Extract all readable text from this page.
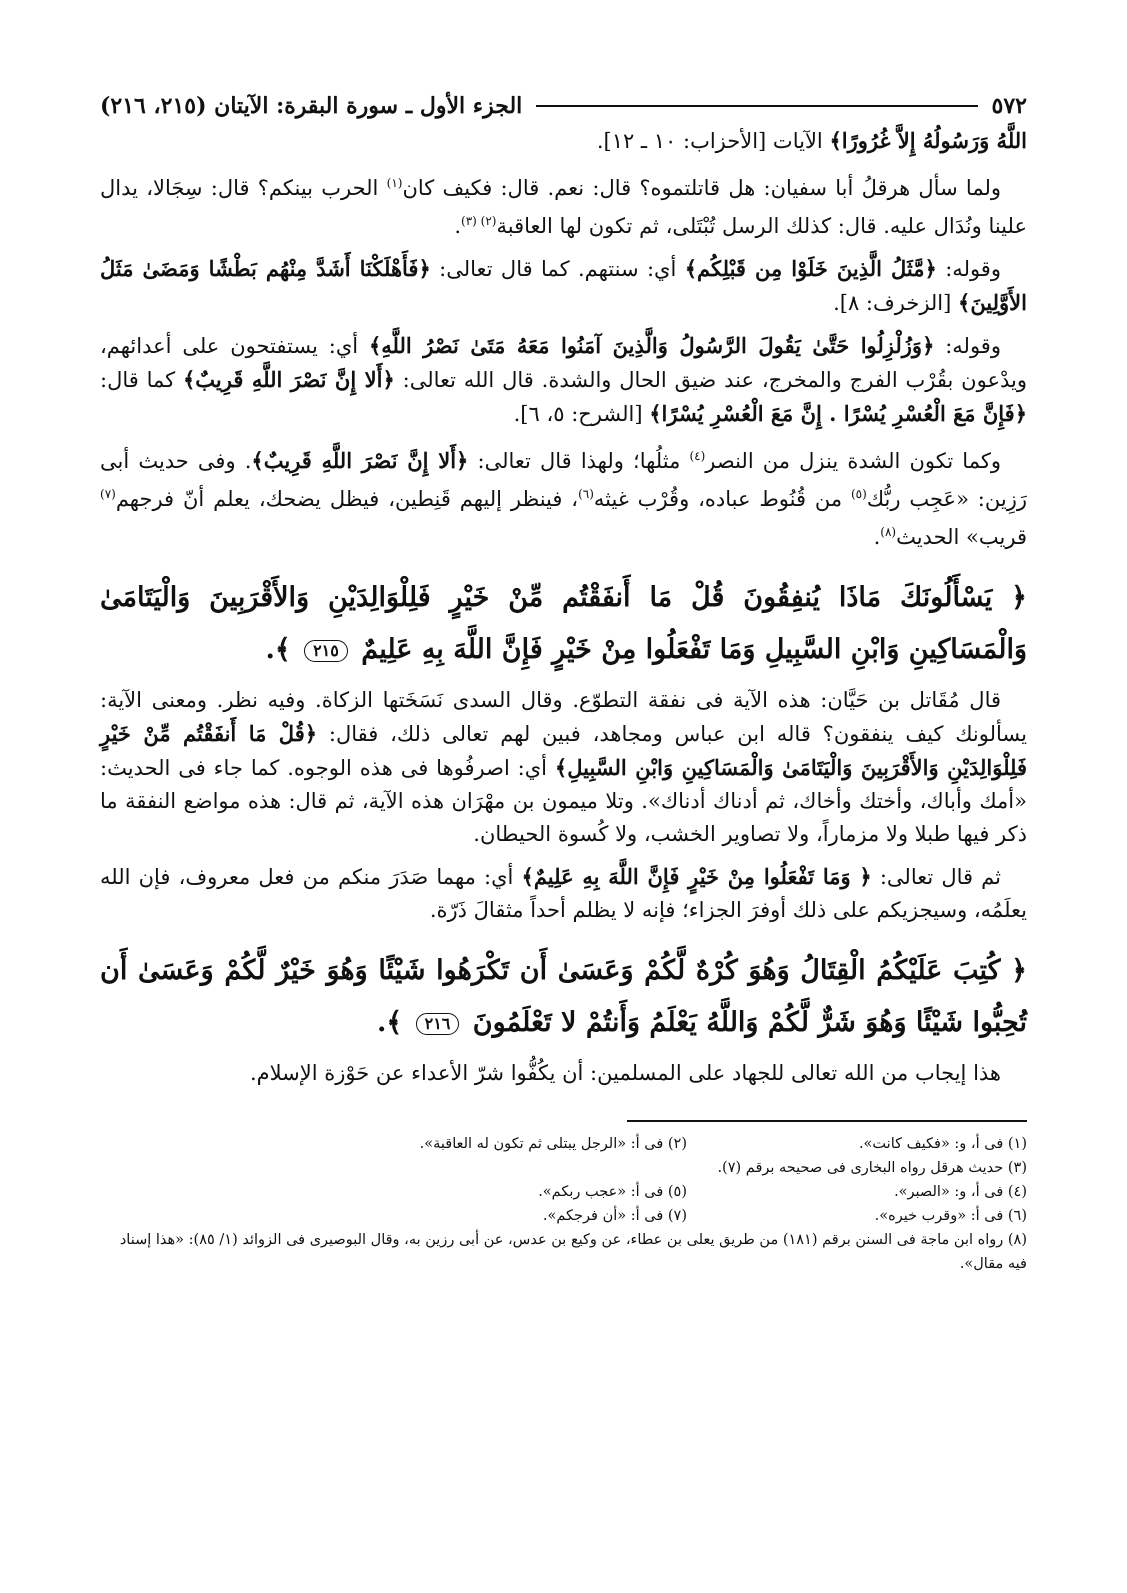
٥٧٢
الجزء الأول ـ سورة البقرة: الآيتان (٢١٥، ٢١٦)

اللَّهُ وَرَسُولُهُ إِلاَّ غُرُورًا﴾ الآيات [الأحزاب: ١٠ ـ ١٢].

ولما سأل هرقلُ أبا سفيان: هل قاتلتموه؟ قال: نعم. قال: فكيف كان$^{(١)}$ الحرب بينكم؟ قال: سِجَالا، يدال علينا ونُدَال عليه. قال: كذلك الرسل تُبْتَلى، ثم تكون لها العاقبة$^{(٢) (٣)}$.

وقوله: ﴿مَّثَلُ الَّذِينَ خَلَوْا مِن قَبْلِكُم﴾ أي: سنتهم. كما قال تعالى: ﴿فَأَهْلَكْنَا أَشَدَّ مِنْهُم بَطْشًا وَمَضَىٰ مَثَلُ الأَوَّلِينَ﴾ [الزخرف: ٨].

وقوله: ﴿وَزُلْزِلُوا حَتَّىٰ يَقُولَ الرَّسُولُ وَالَّذِينَ آمَنُوا مَعَهُ مَتَىٰ نَصْرُ اللَّهِ﴾ أي: يستفتحون على أعدائهم، ويدْعون بقُرْب الفرج والمخرج، عند ضيق الحال والشدة. قال الله تعالى: ﴿أَلا إِنَّ نَصْرَ اللَّهِ قَرِيبٌ﴾ كما قال: ﴿فَإِنَّ مَعَ الْعُسْرِ يُسْرًا . إِنَّ مَعَ الْعُسْرِ يُسْرًا﴾ [الشرح: ٥، ٦].

وكما تكون الشدة ينزل من النصر$^{(٤)}$ مثلُها؛ ولهذا قال تعالى: ﴿أَلا إِنَّ نَصْرَ اللَّهِ قَرِيبٌ﴾. وفى حديث أبى رَزِين: «عَجِب ربُّك$^{(٥)}$ من قُنُوط عباده، وقُرْب غيثه$^{(٦)}$، فينظر إليهم قَنِطين، فيظل يضحك، يعلم أنّ فرجهم$^{(٧)}$ قريب» الحديث$^{(٨)}$.

﴿ يَسْأَلُونَكَ مَاذَا يُنفِقُونَ قُلْ مَا أَنفَقْتُم مِّنْ خَيْرٍ فَلِلْوَالِدَيْنِ وَالأَقْرَبِينَ وَالْيَتَامَىٰ وَالْمَسَاكِينِ وَابْنِ السَّبِيلِ وَمَا تَفْعَلُوا مِنْ خَيْرٍ فَإِنَّ اللَّهَ بِهِ عَلِيمٌ ٢١٥ ﴾.

قال مُقَاتل بن حَيَّان: هذه الآية فى نفقة التطوّع. وقال السدى نَسَخَتها الزكاة. وفيه نظر. ومعنى الآية: يسألونك كيف ينفقون؟ قاله ابن عباس ومجاهد، فبين لهم تعالى ذلك، فقال: ﴿قُلْ مَا أَنفَقْتُم مِّنْ خَيْرٍ فَلِلْوَالِدَيْنِ وَالأَقْرَبِينَ وَالْيَتَامَىٰ وَالْمَسَاكِينِ وَابْنِ السَّبِيلِ﴾ أي: اصرفُوها فى هذه الوجوه. كما جاء فى الحديث: «أمك وأباك، وأختك وأخاك، ثم أدناك أدناك». وتلا ميمون بن مهْرَان هذه الآية، ثم قال: هذه مواضع النفقة ما ذكر فيها طبلا ولا مزماراً، ولا تصاوير الخشب، ولا كُسوة الحيطان.

ثم قال تعالى: ﴿ وَمَا تَفْعَلُوا مِنْ خَيْرٍ فَإِنَّ اللَّهَ بِهِ عَلِيمٌ﴾ أي: مهما صَدَرَ منكم من فعل معروف، فإن الله يعلَمُه، وسيجزيكم على ذلك أوفرَ الجزاء؛ فإنه لا يظلم أحداً مثقالَ ذَرّة.

﴿ كُتِبَ عَلَيْكُمُ الْقِتَالُ وَهُوَ كُرْهٌ لَّكُمْ وَعَسَىٰ أَن تَكْرَهُوا شَيْئًا وَهُوَ خَيْرٌ لَّكُمْ وَعَسَىٰ أَن تُحِبُّوا شَيْئًا وَهُوَ شَرٌّ لَّكُمْ وَاللَّهُ يَعْلَمُ وَأَنتُمْ لا تَعْلَمُونَ ٢١٦ ﴾.

هذا إيجاب من الله تعالى للجهاد على المسلمين: أن يكُفُّوا شرّ الأعداء عن حَوْزة الإسلام.

(١) فى أ، و: «فكيف كانت».
(٢) فى أ: «الرجل يبتلى ثم تكون له العاقبة».
(٣) حديث هرقل رواه البخارى فى صحيحه برقم (٧).
(٤) فى أ، و: «الصبر».
(٥) فى أ: «عجب ربكم».
(٦) فى أ: «وقرب خيره».
(٧) فى أ: «أن فرجكم».
(٨) رواه ابن ماجة فى السنن برقم (١٨١) من طريق يعلى بن عطاء، عن وكيع بن عدس، عن أبى رزين به، وقال البوصيرى فى الزوائد (١/ ٨٥): «هذا إسناد فيه مقال».
